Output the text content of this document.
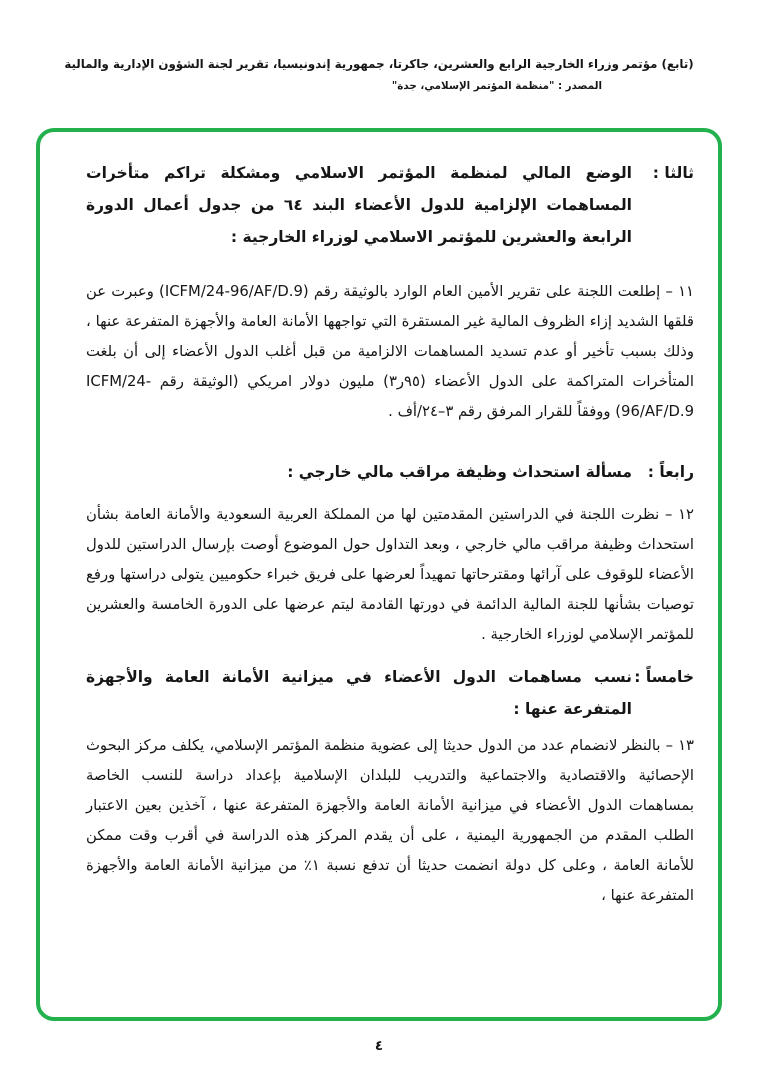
(تابع) مؤتمر وزراء الخارجية الرابع والعشرين، جاكرتا، جمهورية إندونيسيا، تقرير لجنة الشؤون الإدارية والمالية
المصدر : "منظمة المؤتمر الإسلامي، جدة"
ثالثا :
الوضع المالي لمنظمة المؤتمر الاسلامي ومشكلة تراكم متأخرات المساهمات الإلزامية للدول الأعضاء البند ٦٤ من جدول أعمال الدورة الرابعة والعشرين للمؤتمر الاسلامي لوزراء الخارجية :

١١ – إطلعت اللجنة على تقرير الأمين العام الوارد بالوثيقة رقم (ICFM/24-96/AF/D.9) وعبرت عن قلقها الشديد إزاء الظروف المالية غير المستقرة التي تواجهها الأمانة العامة والأجهزة المتفرعة عنها ، وذلك بسبب تأخير أو عدم تسديد المساهمات الالزامية من قبل أغلب الدول الأعضاء إلى أن بلغت المتأخرات المتراكمة على الدول الأعضاء (٩٥ر٣) مليون دولار امريكي (الوثيقة رقم ICFM/24-96/AF/D.9) ووفقاً للقرار المرفق رقم ٣–٢٤/أف .

رابعاً :
مسألة استحداث وظيفة مراقب مالي خارجي :

١٢ – نظرت اللجنة في الدراستين المقدمتين لها من المملكة العربية السعودية والأمانة العامة بشأن استحداث وظيفة مراقب مالي خارجي ، وبعد التداول حول الموضوع أوصت بإرسال الدراستين للدول الأعضاء للوقوف على آرائها ومقترحاتها تمهيداً لعرضها على فريق خبراء حكوميين يتولى دراستها ورفع توصيات بشأنها للجنة المالية الدائمة في دورتها القادمة ليتم عرضها على الدورة الخامسة والعشرين للمؤتمر الإسلامي لوزراء الخارجية .

خامساً :
نسب مساهمات الدول الأعضاء في ميزانية الأمانة العامة والأجهزة المتفرعة عنها :

١٣ – بالنظر لانضمام عدد من الدول حديثا إلى عضوية منظمة المؤتمر الإسلامي، يكلف مركز البحوث الإحصائية والاقتصادية والاجتماعية والتدريب للبلدان الإسلامية بإعداد دراسة للنسب الخاصة بمساهمات الدول الأعضاء في ميزانية الأمانة العامة والأجهزة المتفرعة عنها ، آخذين بعين الاعتبار الطلب المقدم من الجمهورية اليمنية ، على أن يقدم المركز هذه الدراسة في أقرب وقت ممكن للأمانة العامة ، وعلى كل دولة انضمت حديثا أن تدفع نسبة ١٪ من ميزانية الأمانة العامة والأجهزة المتفرعة عنها ،

٤
